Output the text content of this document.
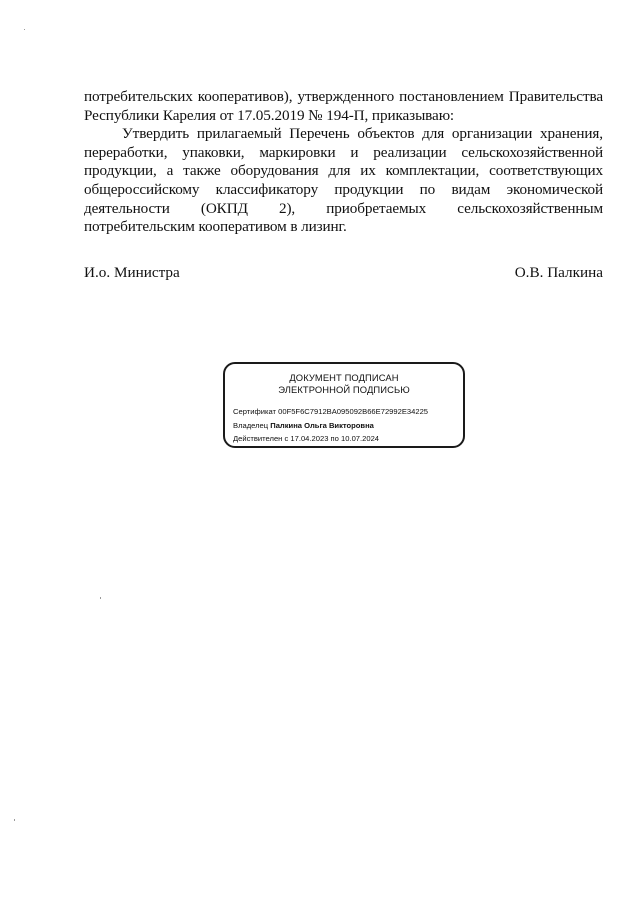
потребительских кооперативов), утвержденного постановлением Правительства Республики Карелия от 17.05.2019 № 194-П, приказываю:

Утвердить прилагаемый Перечень объектов для организации хранения, переработки, упаковки, маркировки и реализации сельскохозяйственной продукции, а также оборудования для их комплектации, соответствующих общероссийскому классификатору продукции по видам экономической деятельности (ОКПД 2), приобретаемых сельскохозяйственным потребительским кооперативом в лизинг.

И.о. Министра	О.В. Палкина
ДОКУМЕНТ ПОДПИСАН
ЭЛЕКТРОННОЙ ПОДПИСЬЮ
Сертификат 00F5F6C7912BA095092B66E72992E34225
Владелец Палкина Ольга Викторовна
Действителен с 17.04.2023 по 10.07.2024
